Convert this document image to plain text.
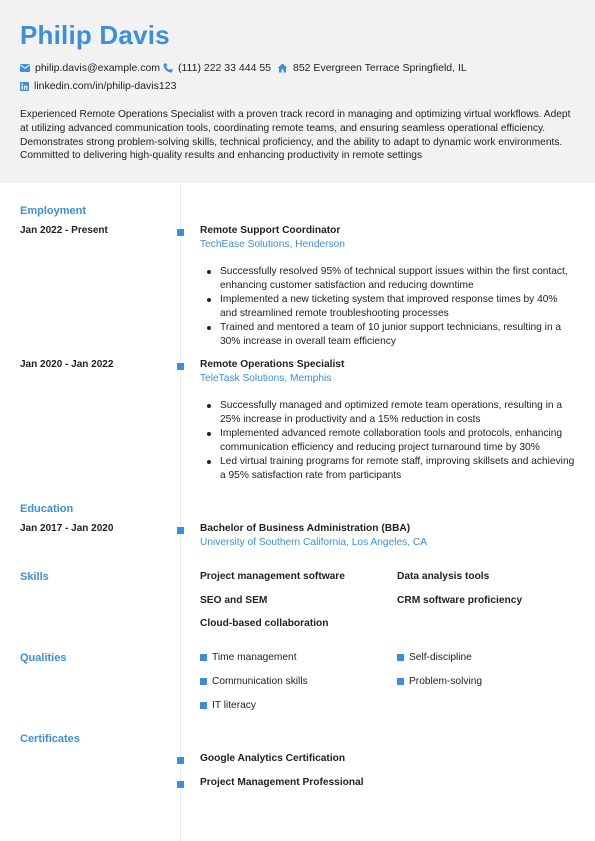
Philip Davis
philip.davis@example.com (111) 222 33 444 55 852 Evergreen Terrace Springfield, IL
linkedin.com/in/philip-davis123

Experienced Remote Operations Specialist with a proven track record in managing and optimizing virtual workflows. Adept at utilizing advanced communication tools, coordinating remote teams, and ensuring seamless operational efficiency. Demonstrates strong problem-solving skills, technical proficiency, and the ability to adapt to dynamic work environments. Committed to delivering high-quality results and enhancing productivity in remote settings

Employment
Jan 2022 - Present	Remote Support Coordinator
TechEase Solutions, Henderson
Successfully resolved 95% of technical support issues within the first contact, enhancing customer satisfaction and reducing downtime
Implemented a new ticketing system that improved response times by 40% and streamlined remote troubleshooting processes
Trained and mentored a team of 10 junior support technicians, resulting in a 30% increase in overall team efficiency
Jan 2020 - Jan 2022	Remote Operations Specialist
TeleTask Solutions, Memphis
Successfully managed and optimized remote team operations, resulting in a 25% increase in productivity and a 15% reduction in costs
Implemented advanced remote collaboration tools and protocols, enhancing communication efficiency and reducing project turnaround time by 30%
Led virtual training programs for remote staff, improving skillsets and achieving a 95% satisfaction rate from participants
Education
Jan 2017 - Jan 2020	Bachelor of Business Administration (BBA)
University of Southern California, Los Angeles, CA
Skills	Project management software	Data analysis tools
SEO and SEM	CRM software proficiency
Cloud-based collaboration
Qualities	Time management	Self-discipline
Communication skills	Problem-solving
IT literacy
Certificates
Google Analytics Certification
Project Management Professional
